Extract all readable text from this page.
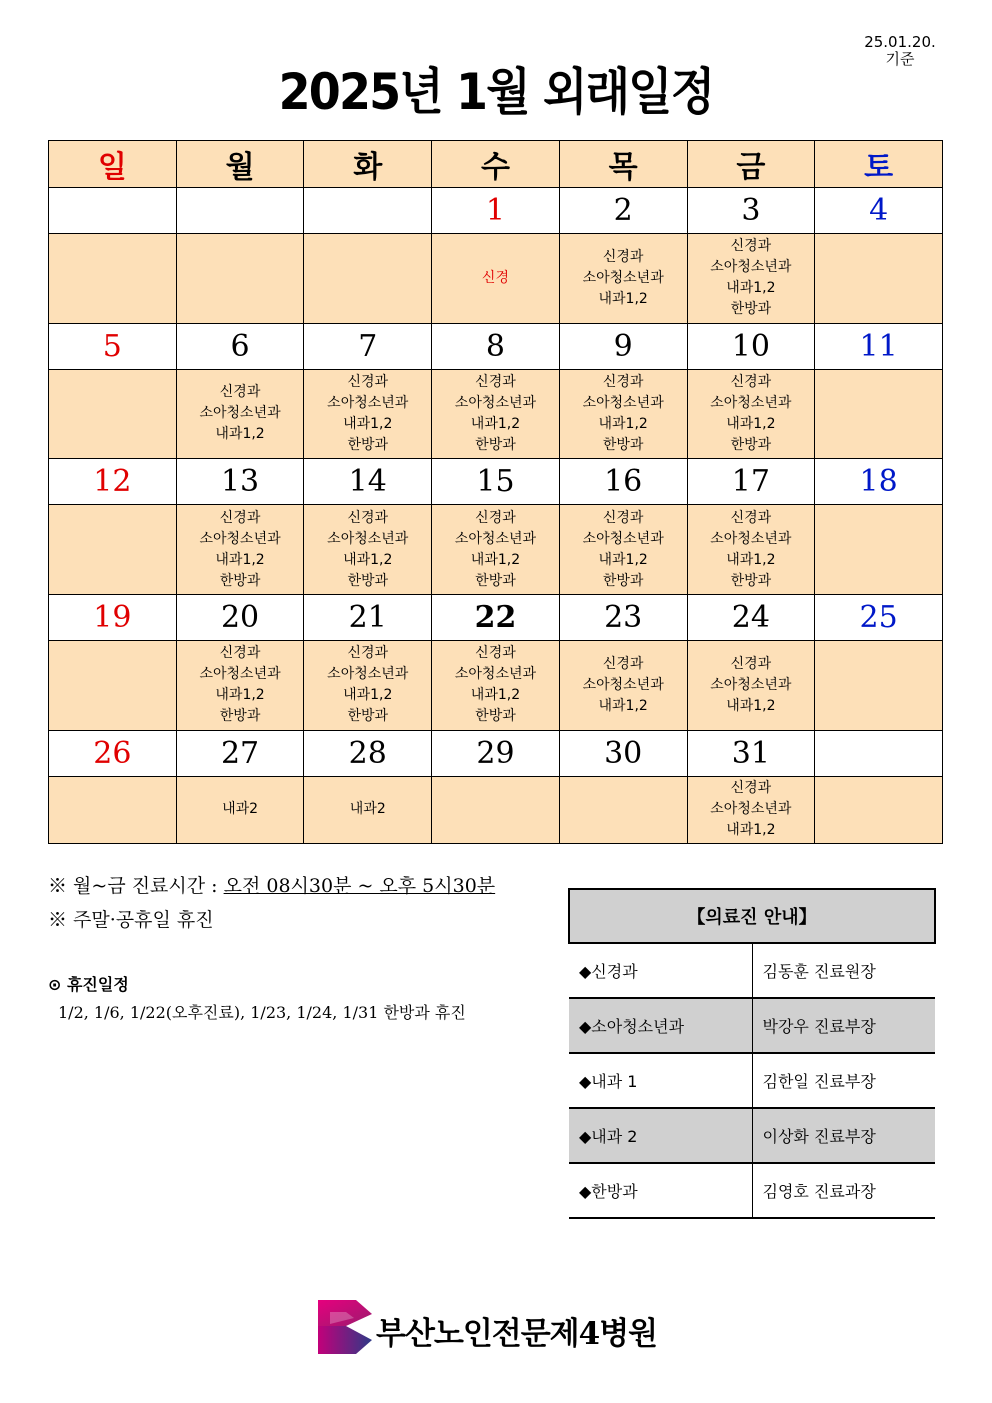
25.01.20.
기준
2025년 1월 외래일정
일	월	화	수	목	금	토
			1	2	3	4

			신경	신경과
소아청소년과
내과1,2	신경과
소아청소년과
내과1,2
한방과	

5	6	7	8	9	10	11

	신경과
소아청소년과
내과1,2	신경과
소아청소년과
내과1,2
한방과	신경과
소아청소년과
내과1,2
한방과	신경과
소아청소년과
내과1,2
한방과	신경과
소아청소년과
내과1,2
한방과	

12	13	14	15	16	17	18

	신경과
소아청소년과
내과1,2
한방과	신경과
소아청소년과
내과1,2
한방과	신경과
소아청소년과
내과1,2
한방과	신경과
소아청소년과
내과1,2
한방과	신경과
소아청소년과
내과1,2
한방과	

19	20	21	22	23	24	25

	신경과
소아청소년과
내과1,2
한방과	신경과
소아청소년과
내과1,2
한방과	신경과
소아청소년과
내과1,2
한방과	신경과
소아청소년과
내과1,2	신경과
소아청소년과
내과1,2	

26	27	28	29	30	31	

	내과2	내과2			신경과
소아청소년과
내과1,2	

※ 월~금 진료시간 : 오전 08시30분 ~ 오후 5시30분
※ 주말·공휴일 휴진
⊙ 휴진일정
1/2, 1/6, 1/22(오후진료), 1/23, 1/24, 1/31 한방과 휴진
【의료진 안내】	
◆신경과	김동훈 진료원장
◆소아청소년과	박강우 진료부장
◆내과 1	김한일 진료부장
◆내과 2	이상화 진료부장
◆한방과	김영호 진료과장
부산노인전문제4병원
